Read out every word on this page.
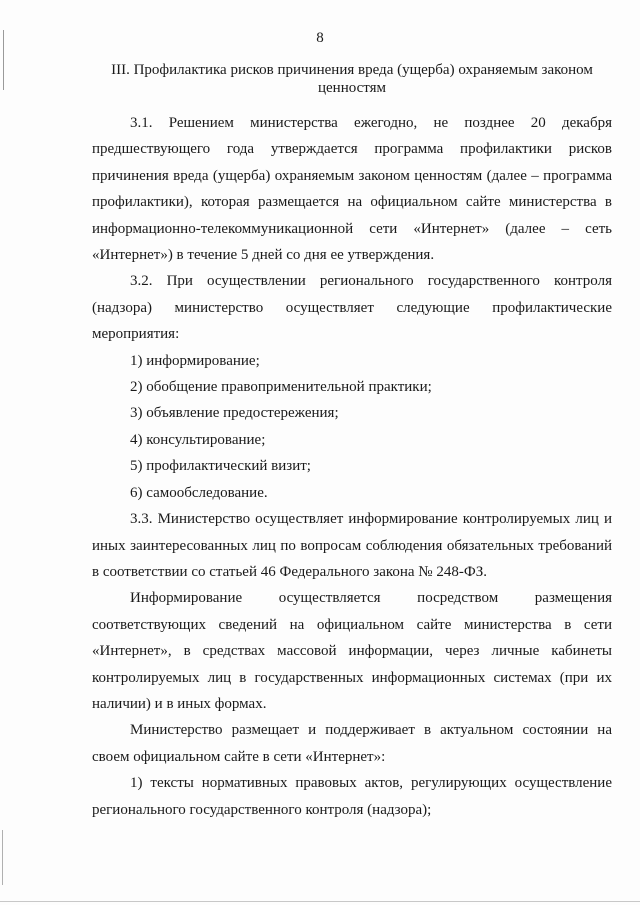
8
III. Профилактика рисков причинения вреда (ущерба) охраняемым законом ценностям

3.1. Решением министерства ежегодно, не позднее 20 декабря предшествующего года утверждается программа профилактики рисков причинения вреда (ущерба) охраняемым законом ценностям (далее – программа профилактики), которая размещается на официальном сайте министерства в информационно-телекоммуникационной сети «Интернет» (далее – сеть «Интернет») в течение 5 дней со дня ее утверждения.

3.2. При осуществлении регионального государственного контроля (надзора) министерство осуществляет следующие профилактические мероприятия:

1) информирование;

2) обобщение правоприменительной практики;

3) объявление предостережения;

4) консультирование;

5) профилактический визит;

6) самообследование.

3.3. Министерство осуществляет информирование контролируемых лиц и иных заинтересованных лиц по вопросам соблюдения обязательных требований в соответствии со статьей 46 Федерального закона № 248-ФЗ.

Информирование осуществляется посредством размещения соответствующих сведений на официальном сайте министерства в сети «Интернет», в средствах массовой информации, через личные кабинеты контролируемых лиц в государственных информационных системах (при их наличии) и в иных формах.

Министерство размещает и поддерживает в актуальном состоянии на своем официальном сайте в сети «Интернет»:

1) тексты нормативных правовых актов, регулирующих осуществление регионального государственного контроля (надзора);
